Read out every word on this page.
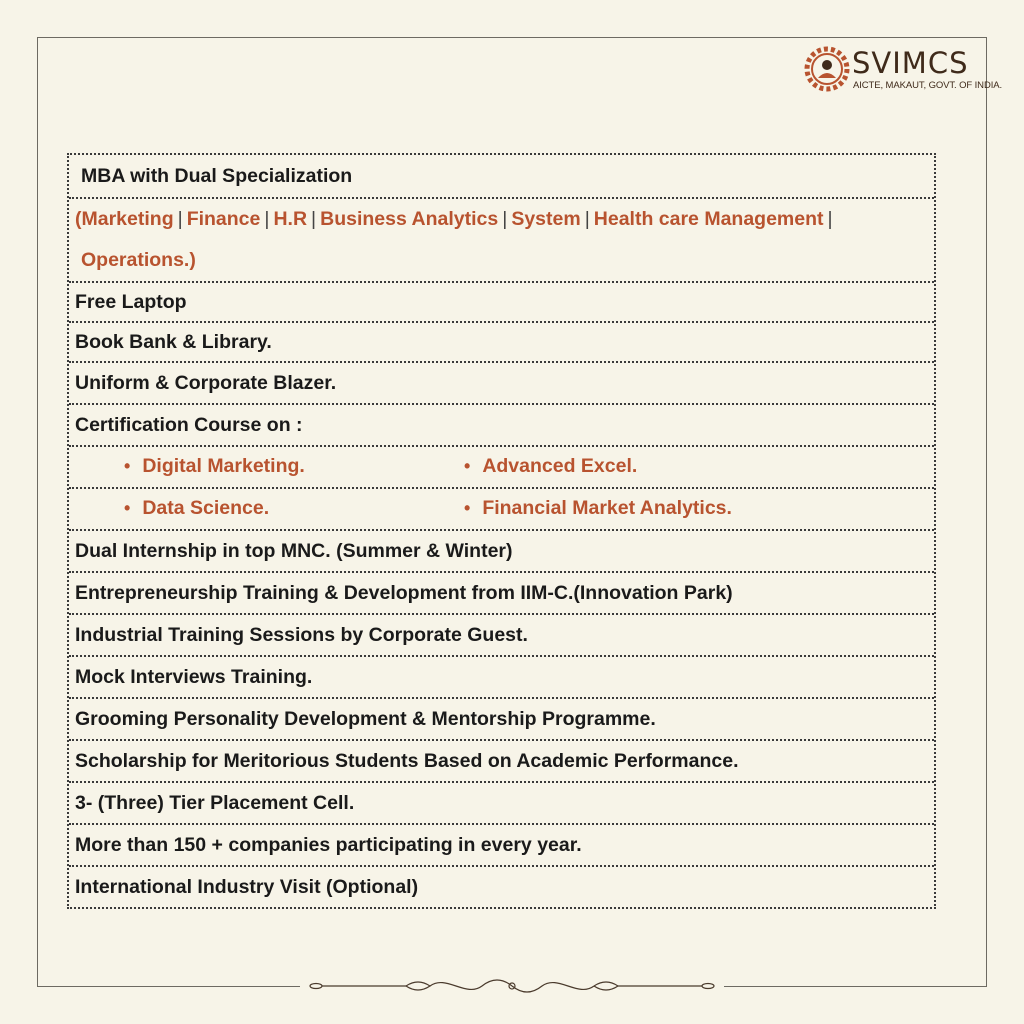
SVIMCS
AICTE, MAKAUT, GOVT. OF INDIA.
MBA with Dual Specialization
( Marketing | Finance | H.R | Business Analytics | System | Health care Management |
Operations.)
Free Laptop
Book Bank & Library.
Uniform & Corporate Blazer.
Certification Course on :
• Digital Marketing.	• Advanced Excel.
• Data Science.	• Financial Market Analytics.
Dual Internship in top MNC. (Summer & Winter)
Entrepreneurship Training & Development from IIM-C.(Innovation Park)
Industrial Training Sessions by Corporate Guest.
Mock Interviews Training.
Grooming Personality Development & Mentorship Programme.
Scholarship for Meritorious Students Based on Academic Performance.
3- (Three) Tier Placement Cell.
More than 150 + companies participating in every year.
International Industry Visit (Optional)
